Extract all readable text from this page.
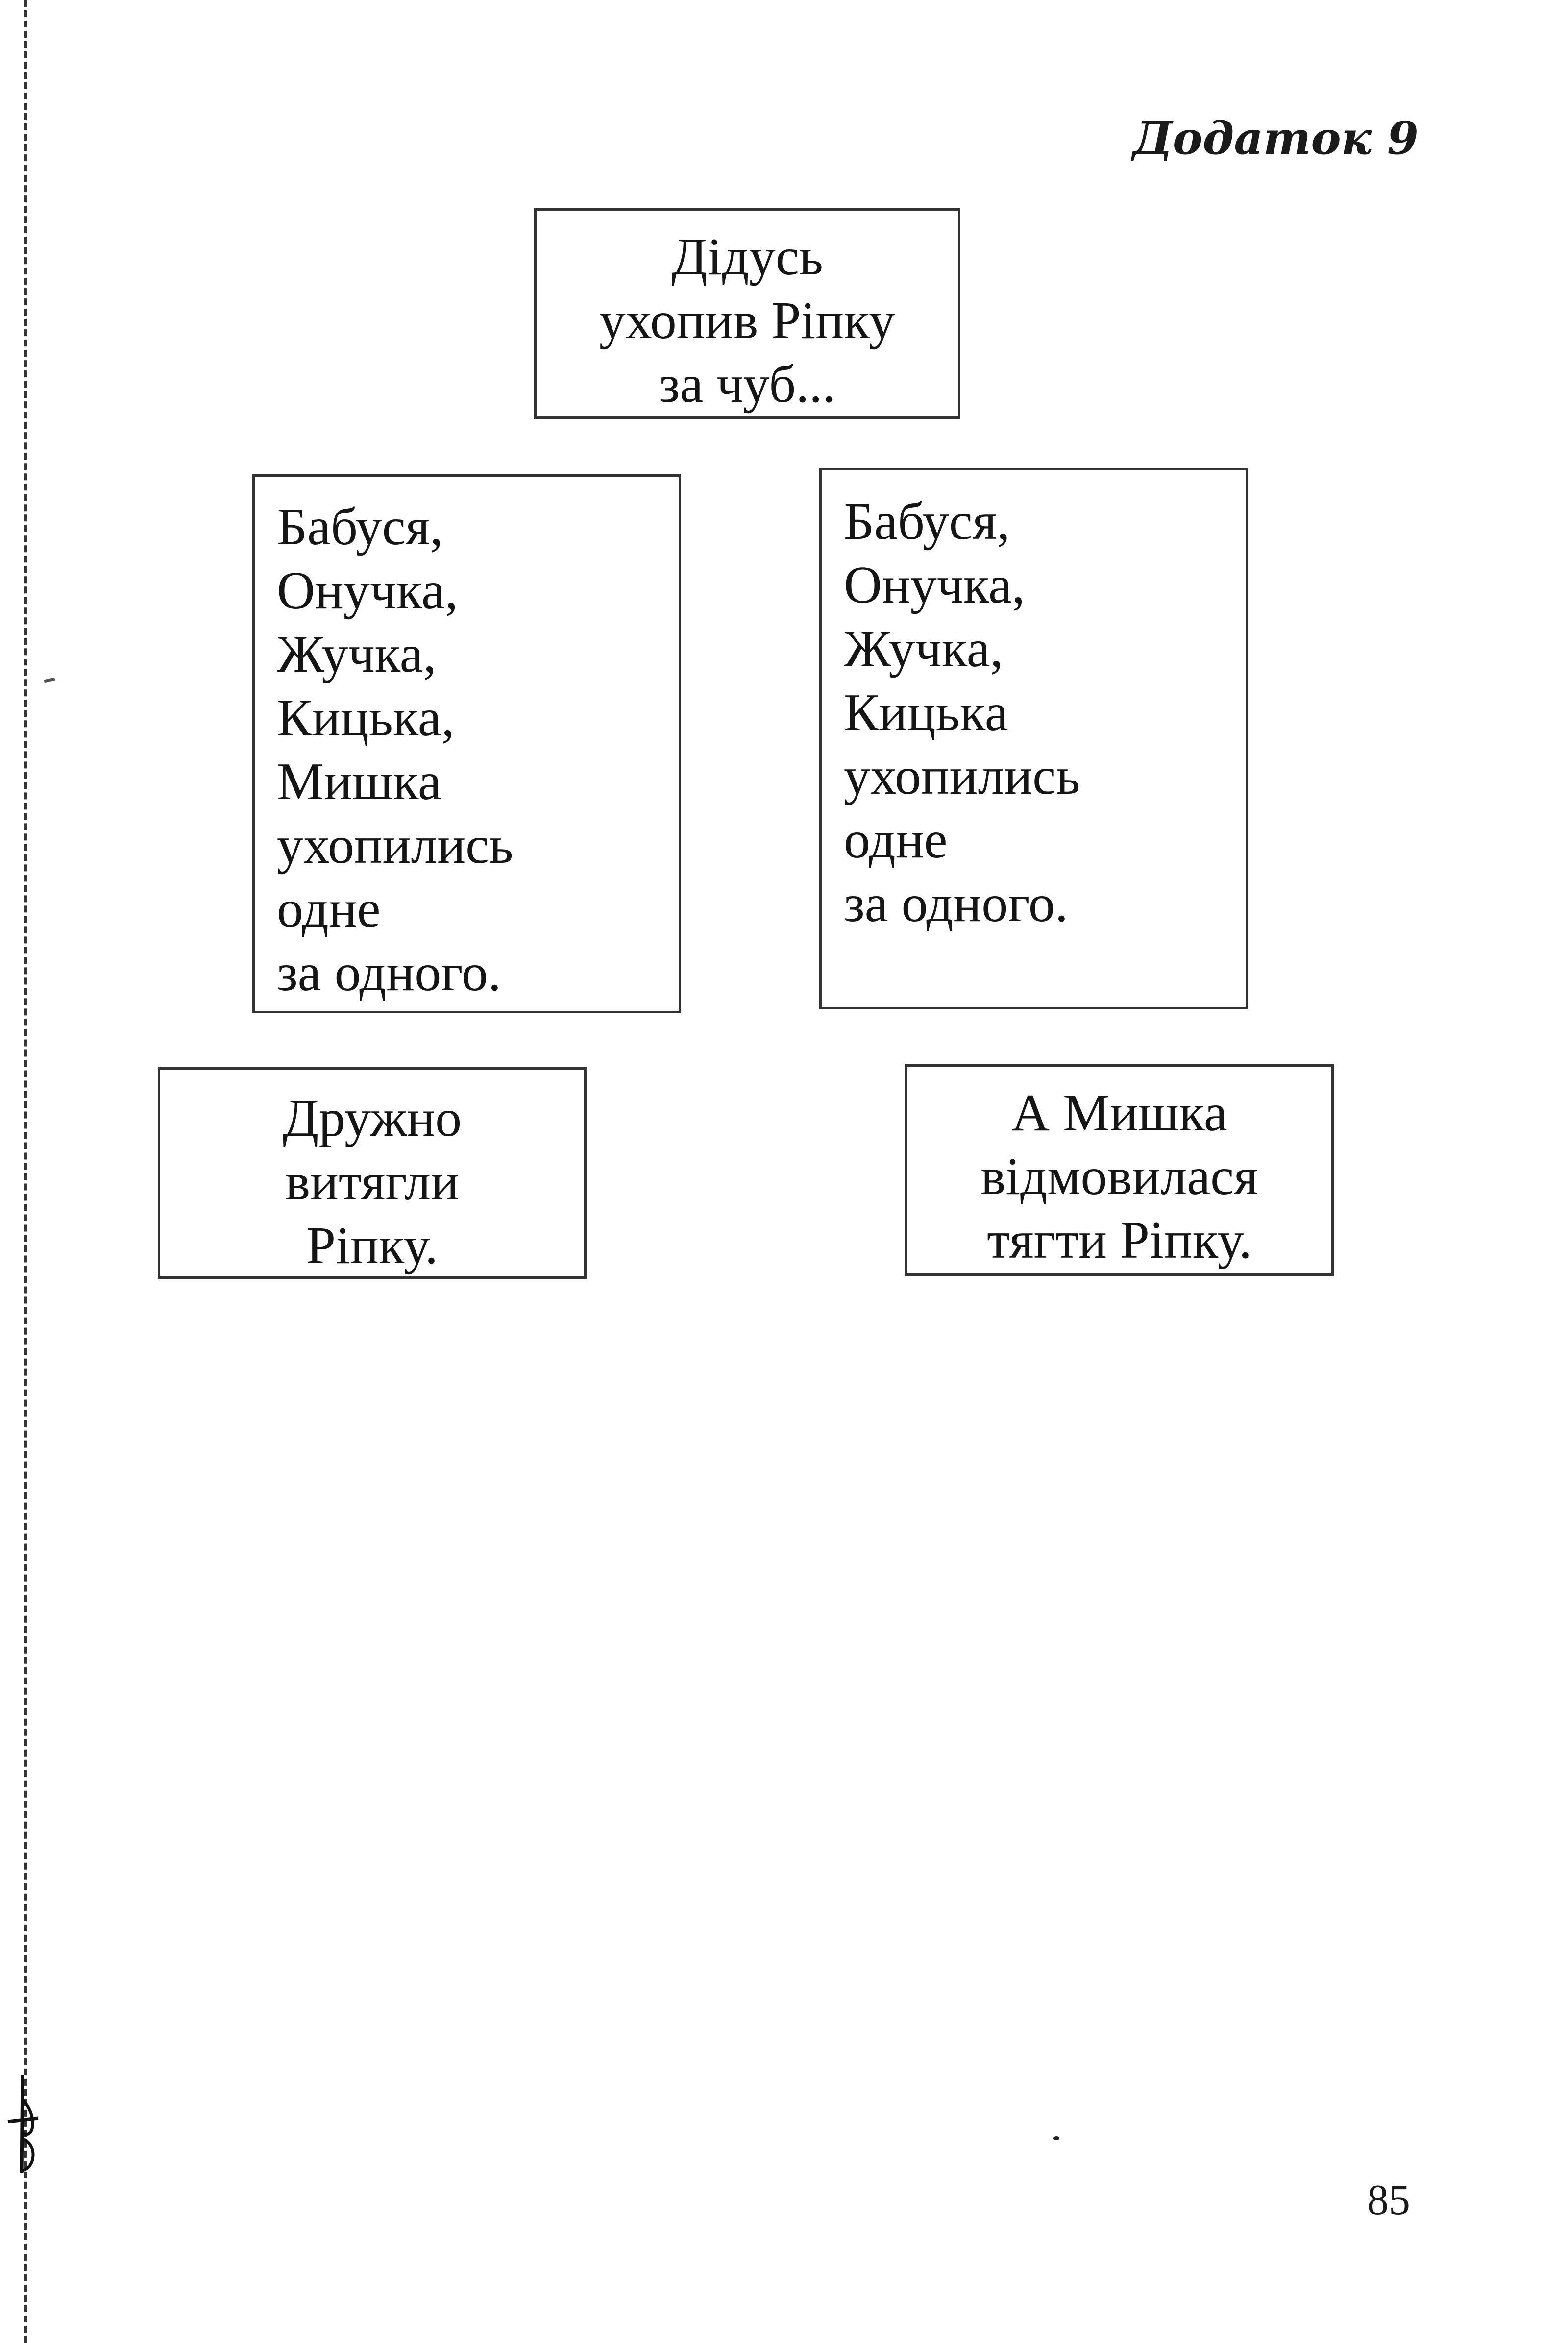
Додаток 9
Дідусь
ухопив Ріпку
за чуб...
Бабуся,
Онучка,
Жучка,
Кицька,
Мишка
ухопились
одне
за одного.
Бабуся,
Онучка,
Жучка,
Кицька
ухопились
одне
за одного.
Дружно
витягли
Ріпку.
А Мишка
відмовилася
тягти Ріпку.

85
